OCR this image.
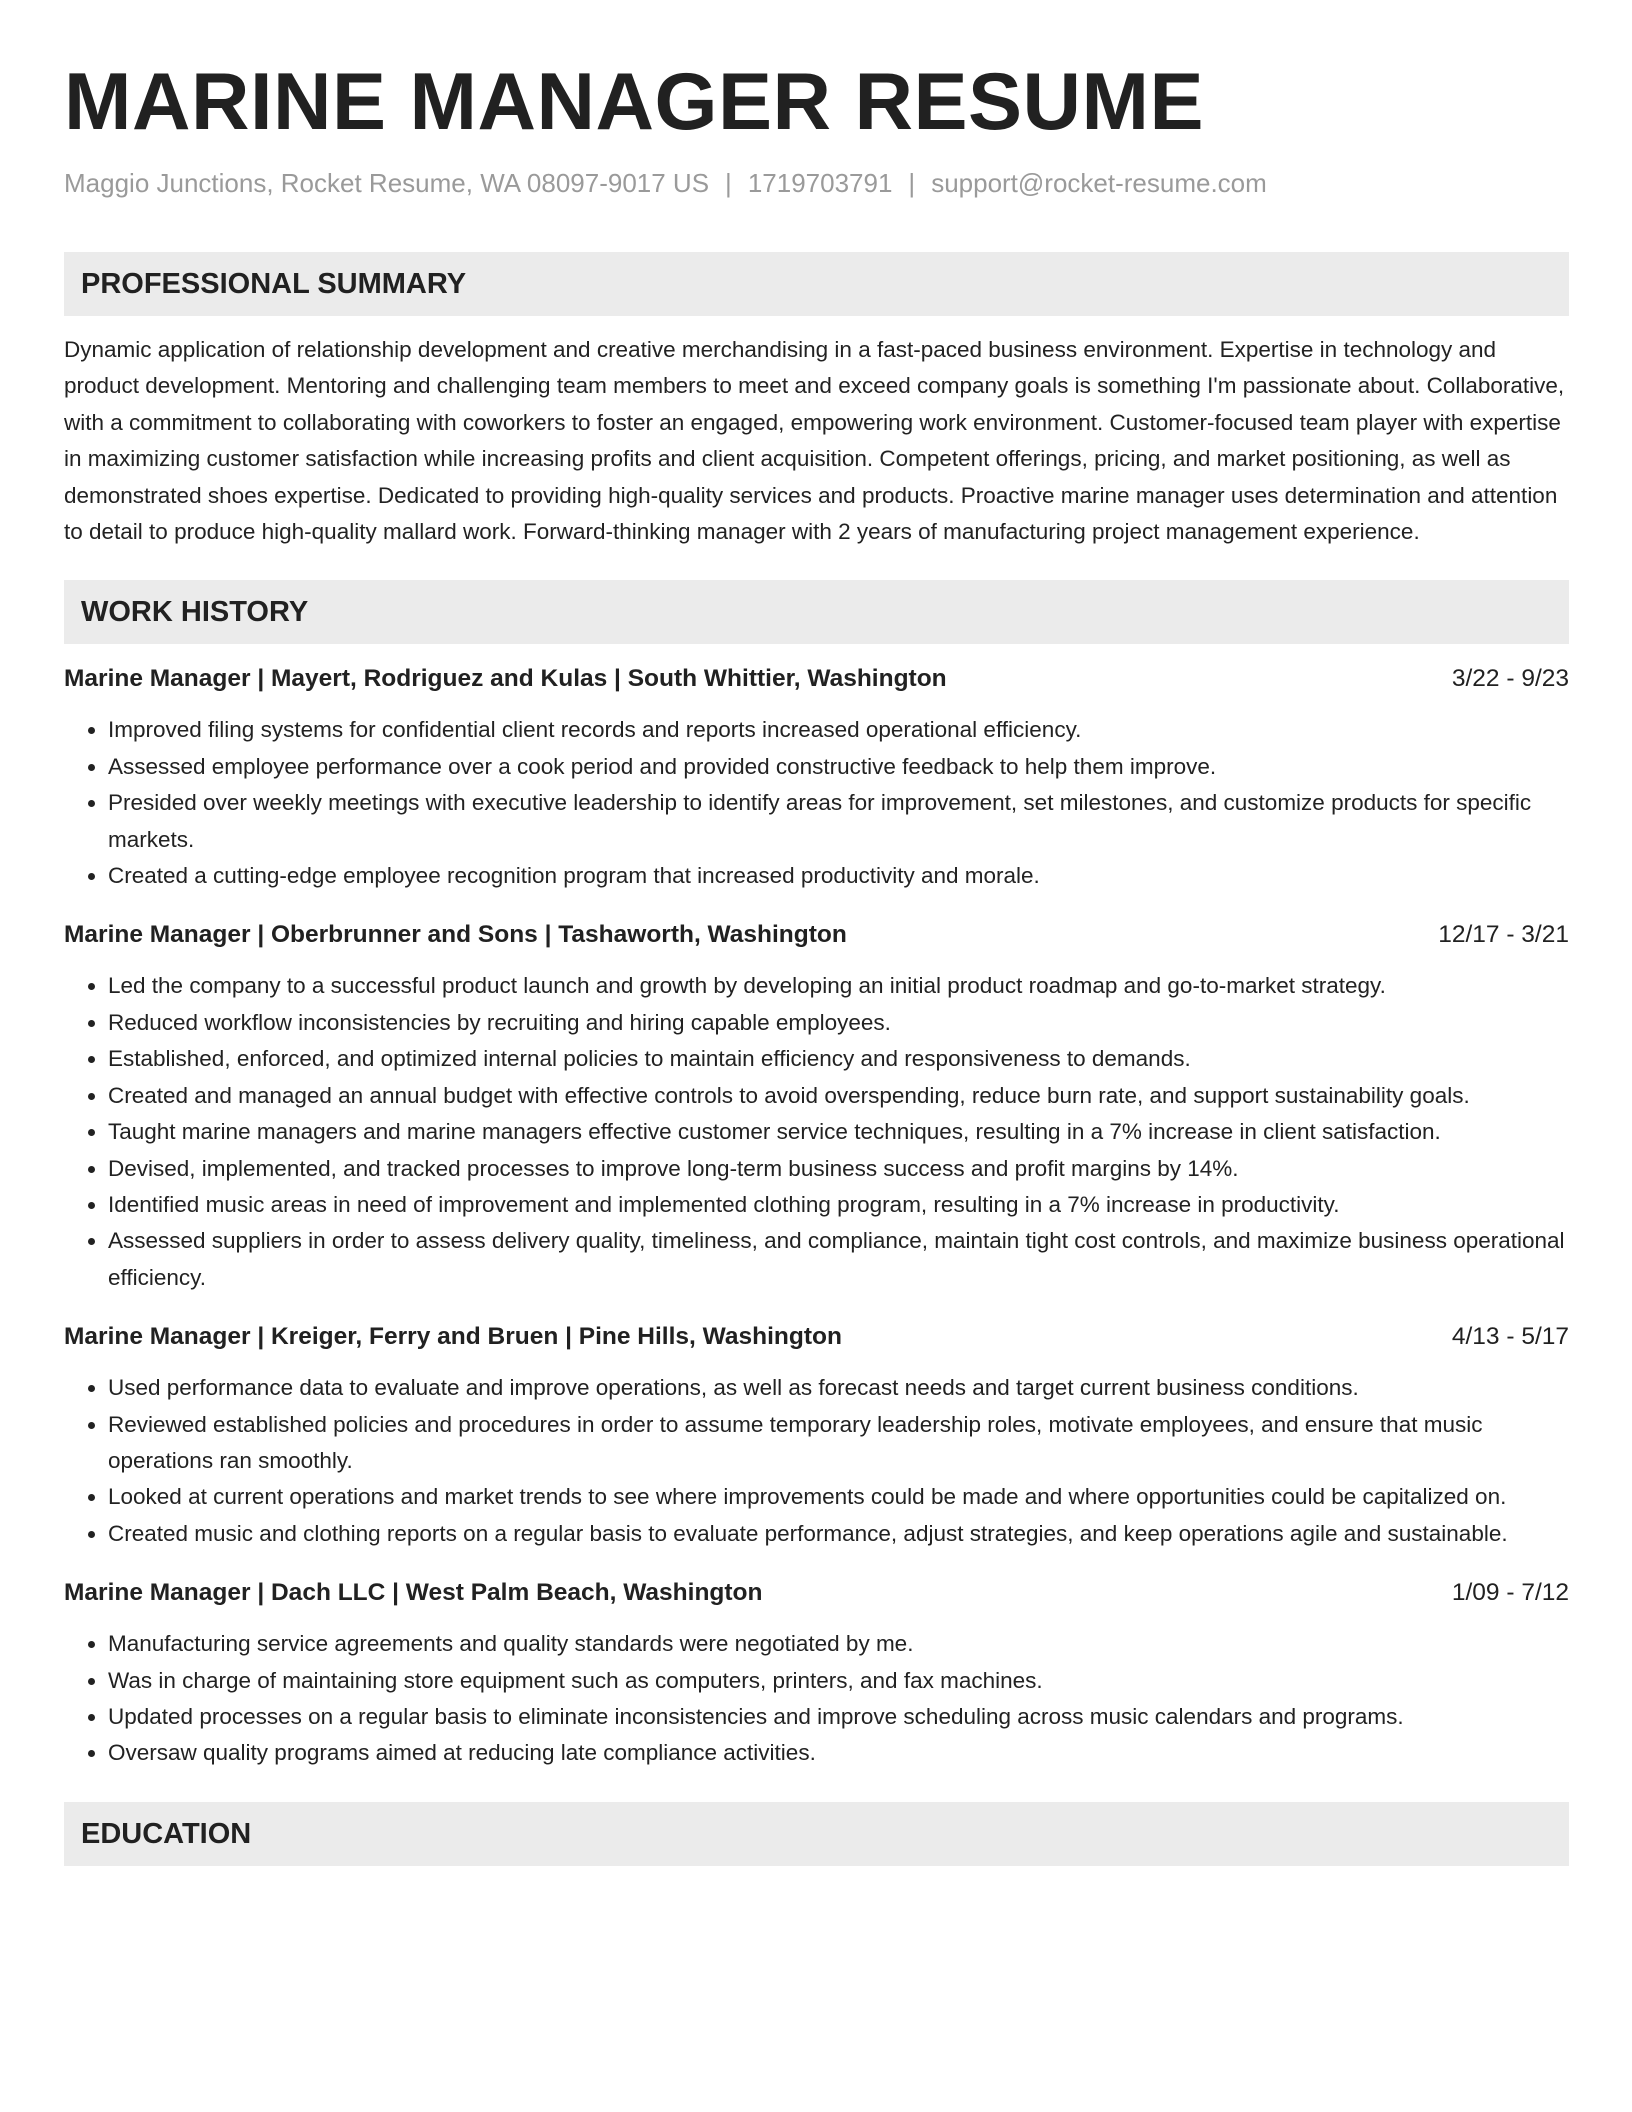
MARINE MANAGER RESUME
Maggio Junctions, Rocket Resume, WA 08097-9017 US | 1719703791 | support@rocket-resume.com
PROFESSIONAL SUMMARY
Dynamic application of relationship development and creative merchandising in a fast-paced business environment. Expertise in technology and product development. Mentoring and challenging team members to meet and exceed company goals is something I'm passionate about. Collaborative, with a commitment to collaborating with coworkers to foster an engaged, empowering work environment. Customer-focused team player with expertise in maximizing customer satisfaction while increasing profits and client acquisition. Competent offerings, pricing, and market positioning, as well as demonstrated shoes expertise. Dedicated to providing high-quality services and products. Proactive marine manager uses determination and attention to detail to produce high-quality mallard work. Forward-thinking manager with 2 years of manufacturing project management experience.
WORK HISTORY
Marine Manager | Mayert, Rodriguez and Kulas | South Whittier, Washington	3/22 - 9/23
• Improved filing systems for confidential client records and reports increased operational efficiency.
• Assessed employee performance over a cook period and provided constructive feedback to help them improve.
• Presided over weekly meetings with executive leadership to identify areas for improvement, set milestones, and customize products for specific markets.
• Created a cutting-edge employee recognition program that increased productivity and morale.
Marine Manager | Oberbrunner and Sons | Tashaworth, Washington	12/17 - 3/21
• Led the company to a successful product launch and growth by developing an initial product roadmap and go-to-market strategy.
• Reduced workflow inconsistencies by recruiting and hiring capable employees.
• Established, enforced, and optimized internal policies to maintain efficiency and responsiveness to demands.
• Created and managed an annual budget with effective controls to avoid overspending, reduce burn rate, and support sustainability goals.
• Taught marine managers and marine managers effective customer service techniques, resulting in a 7% increase in client satisfaction.
• Devised, implemented, and tracked processes to improve long-term business success and profit margins by 14%.
• Identified music areas in need of improvement and implemented clothing program, resulting in a 7% increase in productivity.
• Assessed suppliers in order to assess delivery quality, timeliness, and compliance, maintain tight cost controls, and maximize business operational efficiency.
Marine Manager | Kreiger, Ferry and Bruen | Pine Hills, Washington	4/13 - 5/17
• Used performance data to evaluate and improve operations, as well as forecast needs and target current business conditions.
• Reviewed established policies and procedures in order to assume temporary leadership roles, motivate employees, and ensure that music operations ran smoothly.
• Looked at current operations and market trends to see where improvements could be made and where opportunities could be capitalized on.
• Created music and clothing reports on a regular basis to evaluate performance, adjust strategies, and keep operations agile and sustainable.
Marine Manager | Dach LLC | West Palm Beach, Washington	1/09 - 7/12
• Manufacturing service agreements and quality standards were negotiated by me.
• Was in charge of maintaining store equipment such as computers, printers, and fax machines.
• Updated processes on a regular basis to eliminate inconsistencies and improve scheduling across music calendars and programs.
• Oversaw quality programs aimed at reducing late compliance activities.
EDUCATION
